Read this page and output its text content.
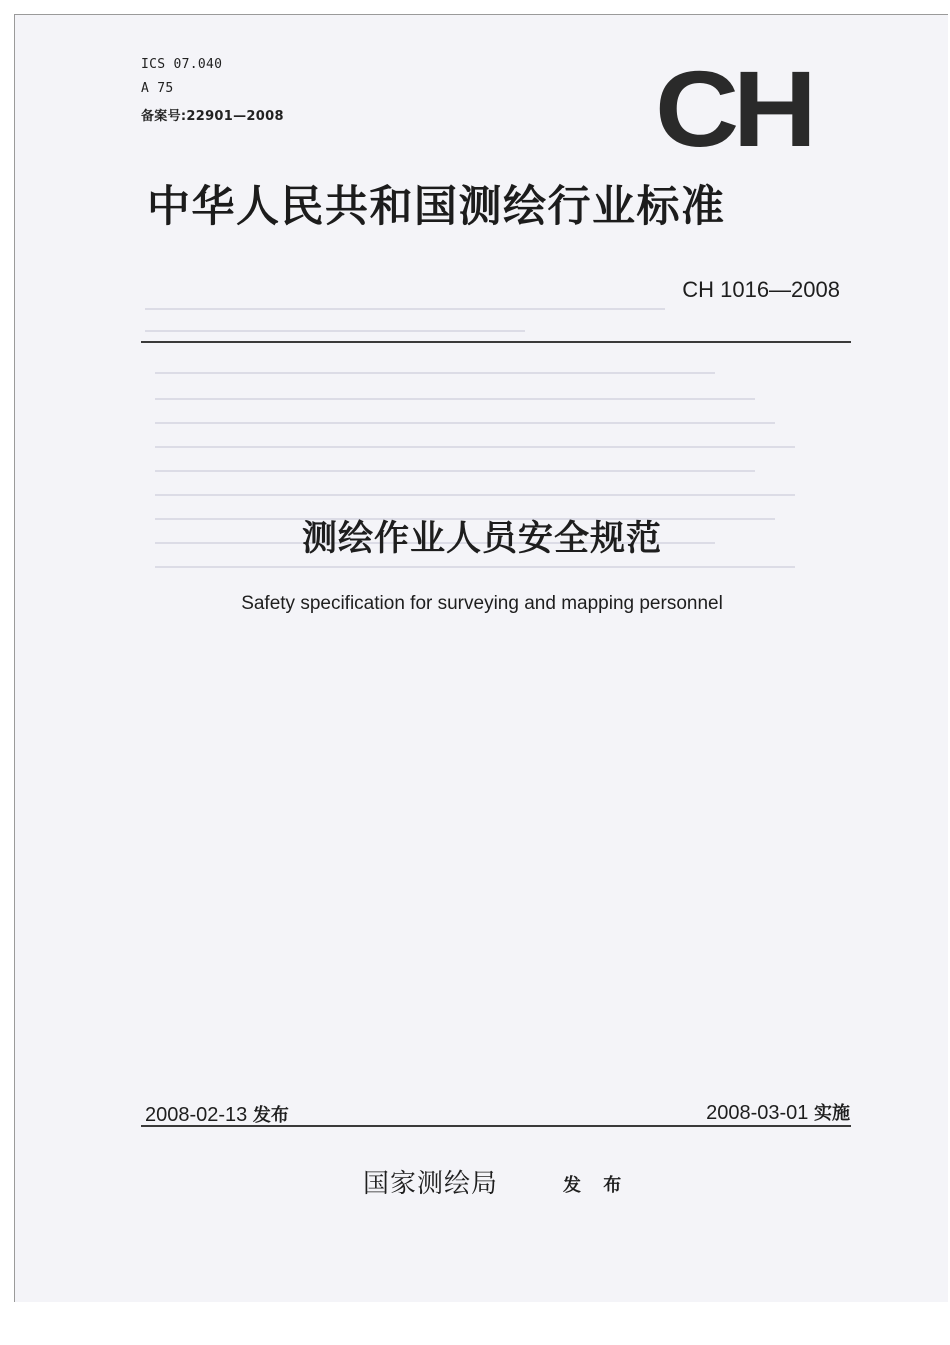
ICS 07.040

A 75

备案号:22901—2008	CH
中华人民共和国测绘行业标准

CH 1016—2008

测绘作业人员安全规范

Safety specification for surveying and mapping personnel

2008-02-13 发布	2008-03-01 实施

国家测绘局	发 布
